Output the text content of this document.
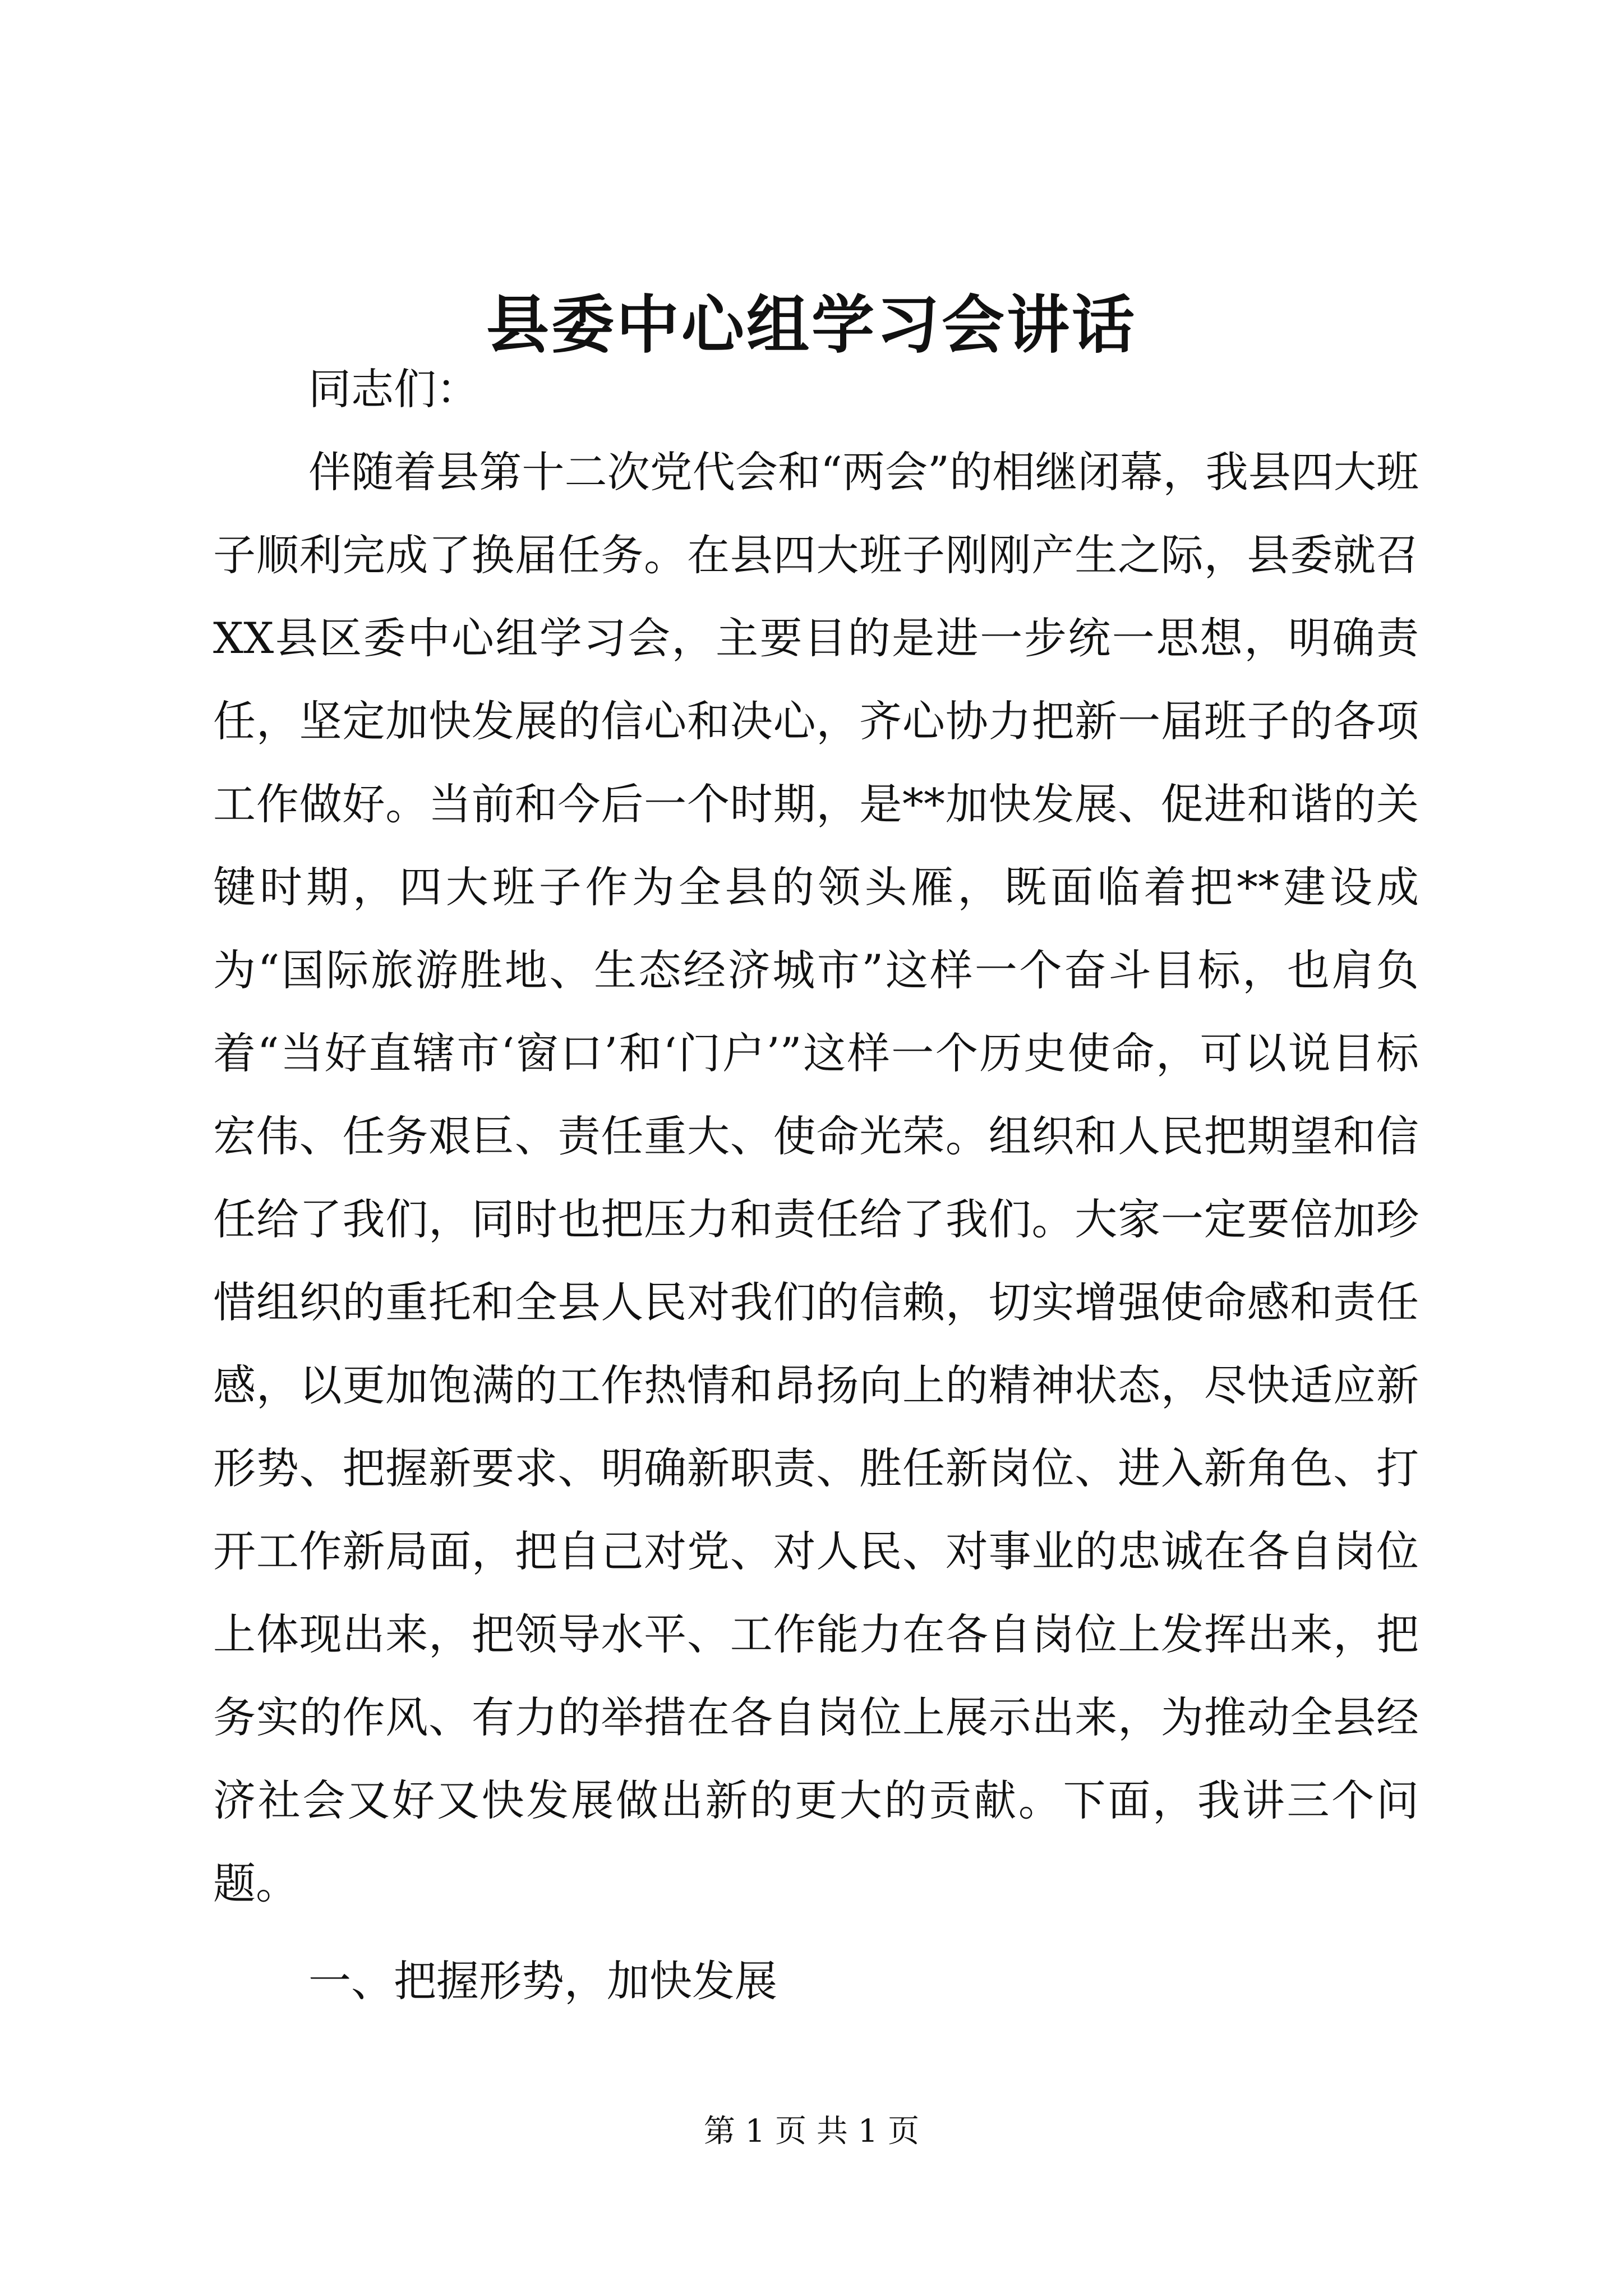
县委中心组学习会讲话

同志们：

伴随着县第十二次党代会和“两会”的相继闭幕，我县四大班子顺利完成了换届任务。在县四大班子刚刚产生之际，县委就召XX县区委中心组学习会，主要目的是进一步统一思想，明确责任，坚定加快发展的信心和决心，齐心协力把新一届班子的各项工作做好。当前和今后一个时期，是**加快发展、促进和谐的关键时期，四大班子作为全县的领头雁，既面临着把**建设成为“国际旅游胜地、生态经济城市”这样一个奋斗目标，也肩负着“当好直辖市‘窗口’和‘门户’”这样一个历史使命，可以说目标宏伟、任务艰巨、责任重大、使命光荣。组织和人民把期望和信任给了我们，同时也把压力和责任给了我们。大家一定要倍加珍惜组织的重托和全县人民对我们的信赖，切实增强使命感和责任感，以更加饱满的工作热情和昂扬向上的精神状态，尽快适应新形势、把握新要求、明确新职责、胜任新岗位、进入新角色、打开工作新局面，把自己对党、对人民、对事业的忠诚在各自岗位上体现出来，把领导水平、工作能力在各自岗位上发挥出来，把务实的作风、有力的举措在各自岗位上展示出来，为推动全县经济社会又好又快发展做出新的更大的贡献。下面，我讲三个问题。

一、把握形势，加快发展

第 1 页 共 1 页
